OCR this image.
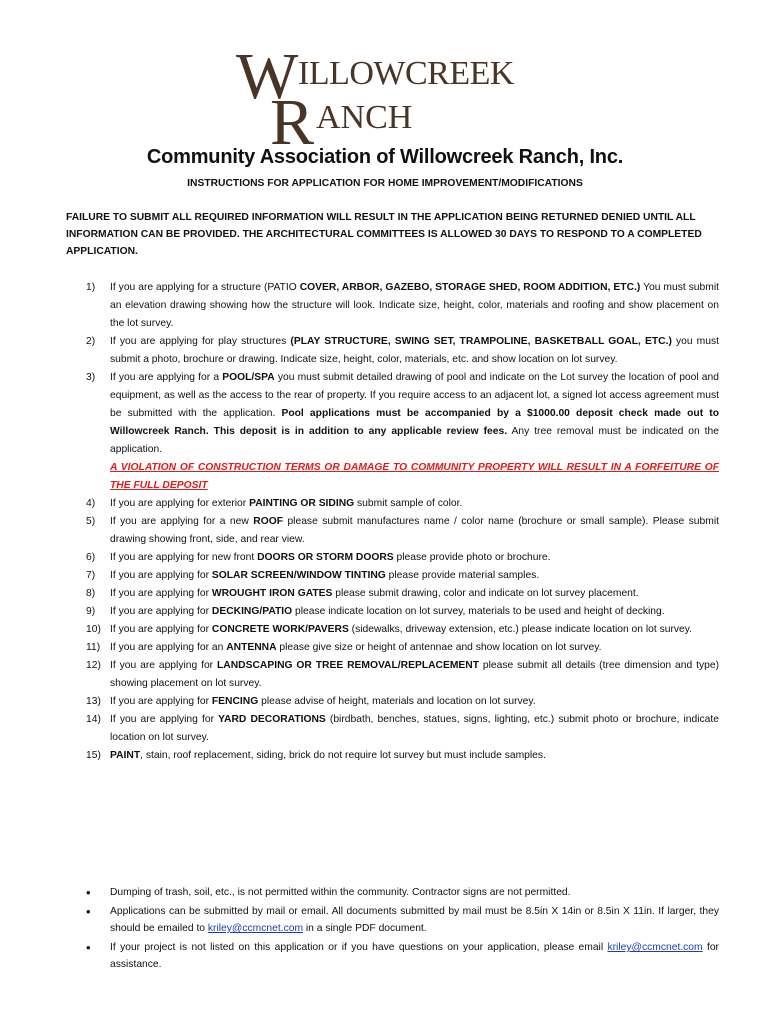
W
R
ILLOWCREEK
ANCH
Community Association of Willowcreek Ranch, Inc.
INSTRUCTIONS FOR APPLICATION FOR HOME IMPROVEMENT/MODIFICATIONS
FAILURE TO SUBMIT ALL REQUIRED INFORMATION WILL RESULT IN THE APPLICATION BEING RETURNED DENIED UNTIL ALL INFORMATION CAN BE PROVIDED. THE ARCHITECTURAL COMMITTEES IS ALLOWED 30 DAYS TO RESPOND TO A COMPLETED APPLICATION.
1)	If you are applying for a structure (PATIO COVER, ARBOR, GAZEBO, STORAGE SHED, ROOM ADDITION, ETC.) You must submit an elevation drawing showing how the structure will look. Indicate size, height, color, materials and roofing and show placement on the lot survey.
2)	If you are applying for play structures (PLAY STRUCTURE, SWING SET, TRAMPOLINE, BASKETBALL GOAL, ETC.) you must submit a photo, brochure or drawing. Indicate size, height, color, materials, etc. and show location on lot survey.
3)	If you are applying for a POOL/SPA you must submit detailed drawing of pool and indicate on the Lot survey the location of pool and equipment, as well as the access to the rear of property. If you require access to an adjacent lot, a signed lot access agreement must be submitted with the application. Pool applications must be accompanied by a $1000.00 deposit check made out to Willowcreek Ranch. This deposit is in addition to any applicable review fees. Any tree removal must be indicated on the application.
A VIOLATION OF CONSTRUCTION TERMS OR DAMAGE TO COMMUNITY PROPERTY WILL RESULT IN A FORFEITURE OF THE FULL DEPOSIT
4)	If you are applying for exterior PAINTING OR SIDING submit sample of color.
5)	If you are applying for a new ROOF please submit manufactures name / color name (brochure or small sample). Please submit drawing showing front, side, and rear view.
6)	If you are applying for new front DOORS OR STORM DOORS please provide photo or brochure.
7)	If you are applying for SOLAR SCREEN/WINDOW TINTING please provide material samples.
8)	If you are applying for WROUGHT IRON GATES please submit drawing, color and indicate on lot survey placement.
9)	If you are applying for DECKING/PATIO please indicate location on lot survey, materials to be used and height of decking.
10) If you are applying for CONCRETE WORK/PAVERS (sidewalks, driveway extension, etc.) please indicate location on lot survey.
11) If you are applying for an ANTENNA please give size or height of antennae and show location on lot survey.
12) If you are applying for LANDSCAPING OR TREE REMOVAL/REPLACEMENT please submit all details (tree dimension and type) showing placement on lot survey.
13) If you are applying for FENCING please advise of height, materials and location on lot survey.
14) If you are applying for YARD DECORATIONS (birdbath, benches, statues, signs, lighting, etc.) submit photo or brochure, indicate location on lot survey.
15) PAINT, stain, roof replacement, siding, brick do not require lot survey but must include samples.
•	Dumping of trash, soil, etc., is not permitted within the community. Contractor signs are not permitted.
•	Applications can be submitted by mail or email. All documents submitted by mail must be 8.5in X 14in or 8.5in X 11in. If larger, they should be emailed to kriley@ccmcnet.com in a single PDF document.
•	If your project is not listed on this application or if you have questions on your application, please email kriley@ccmcnet.com for assistance.
